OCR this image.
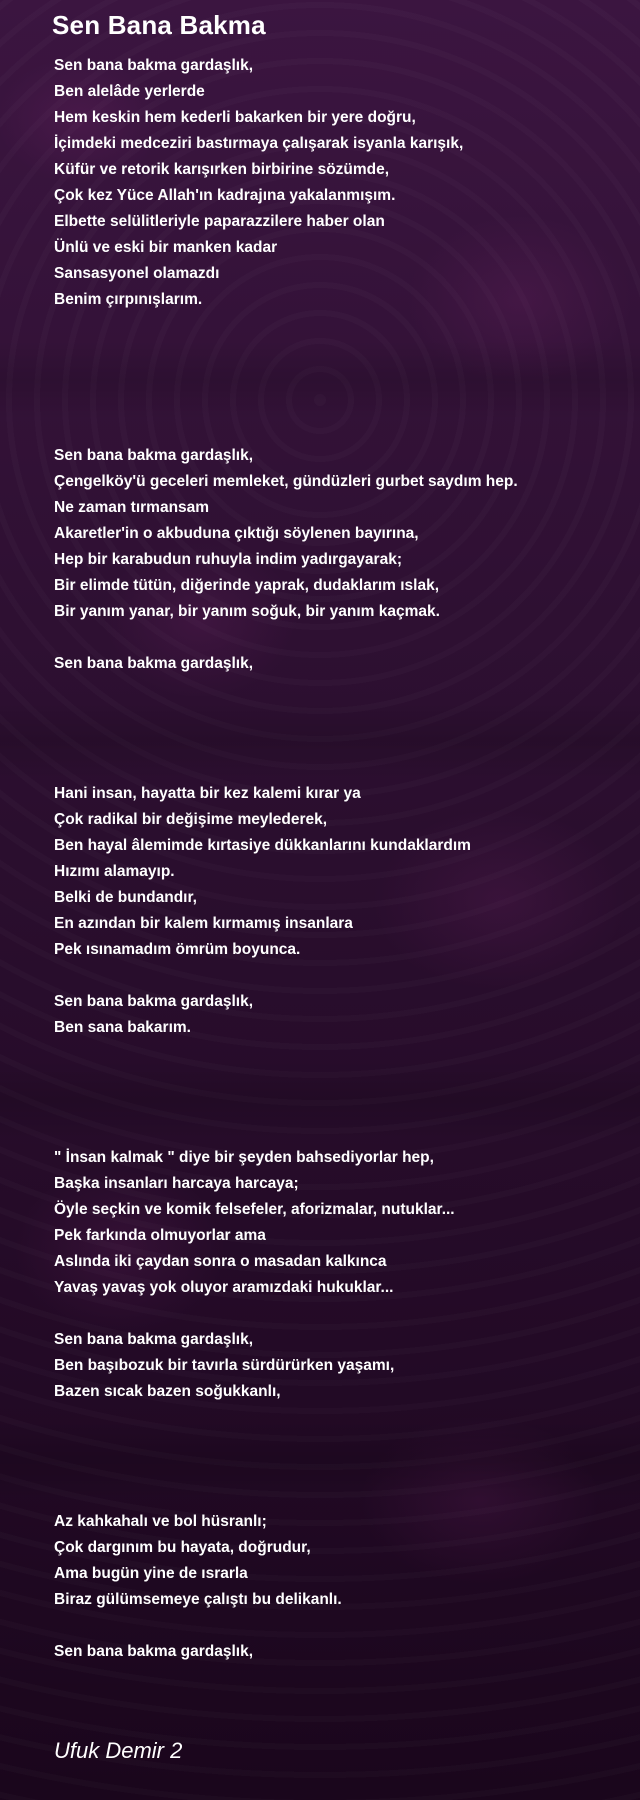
Sen Bana Bakma
Sen bana bakma gardaşlık,
Ben alelâde yerlerde
Hem keskin hem kederli bakarken bir yere doğru,
İçimdeki medceziri bastırmaya çalışarak isyanla karışık,
Küfür ve retorik karışırken birbirine sözümde,
Çok kez Yüce Allah'ın kadrajına yakalanmışım.
Elbette selülitleriyle paparazzilere haber olan
Ünlü ve eski bir manken kadar
Sansasyonel olamazdı
Benim çırpınışlarım.
Sen bana bakma gardaşlık,
Çengelköy'ü geceleri memleket, gündüzleri gurbet saydım hep.
Ne zaman tırmansam
Akaretler'in o akbuduna çıktığı söylenen bayırına,
Hep bir karabudun ruhuyla indim yadırgayarak;
Bir elimde tütün, diğerinde yaprak, dudaklarım ıslak,
Bir yanım yanar, bir yanım soğuk, bir yanım kaçmak.
Sen bana bakma gardaşlık,
Hani insan, hayatta bir kez kalemi kırar ya
Çok radikal bir değişime meylederek,
Ben hayal âlemimde kırtasiye dükkanlarını kundaklardım
Hızımı alamayıp.
Belki de bundandır,
En azından bir kalem kırmamış insanlara
Pek ısınamadım ömrüm boyunca.
Sen bana bakma gardaşlık,
Ben sana bakarım.
" İnsan kalmak " diye bir şeyden bahsediyorlar hep,
Başka insanları harcaya harcaya;
Öyle seçkin ve komik felsefeler, aforizmalar, nutuklar...
Pek farkında olmuyorlar ama
Aslında iki çaydan sonra o masadan kalkınca
Yavaş yavaş yok oluyor aramızdaki hukuklar...
Sen bana bakma gardaşlık,
Ben başıbozuk bir tavırla sürdürürken yaşamı,
Bazen sıcak bazen soğukkanlı,
Az kahkahalı ve bol hüsranlı;
Çok dargınım bu hayata, doğrudur,
Ama bugün yine de ısrarla
Biraz gülümsemeye çalıştı bu delikanlı.
Sen bana bakma gardaşlık,
Ufuk Demir 2
